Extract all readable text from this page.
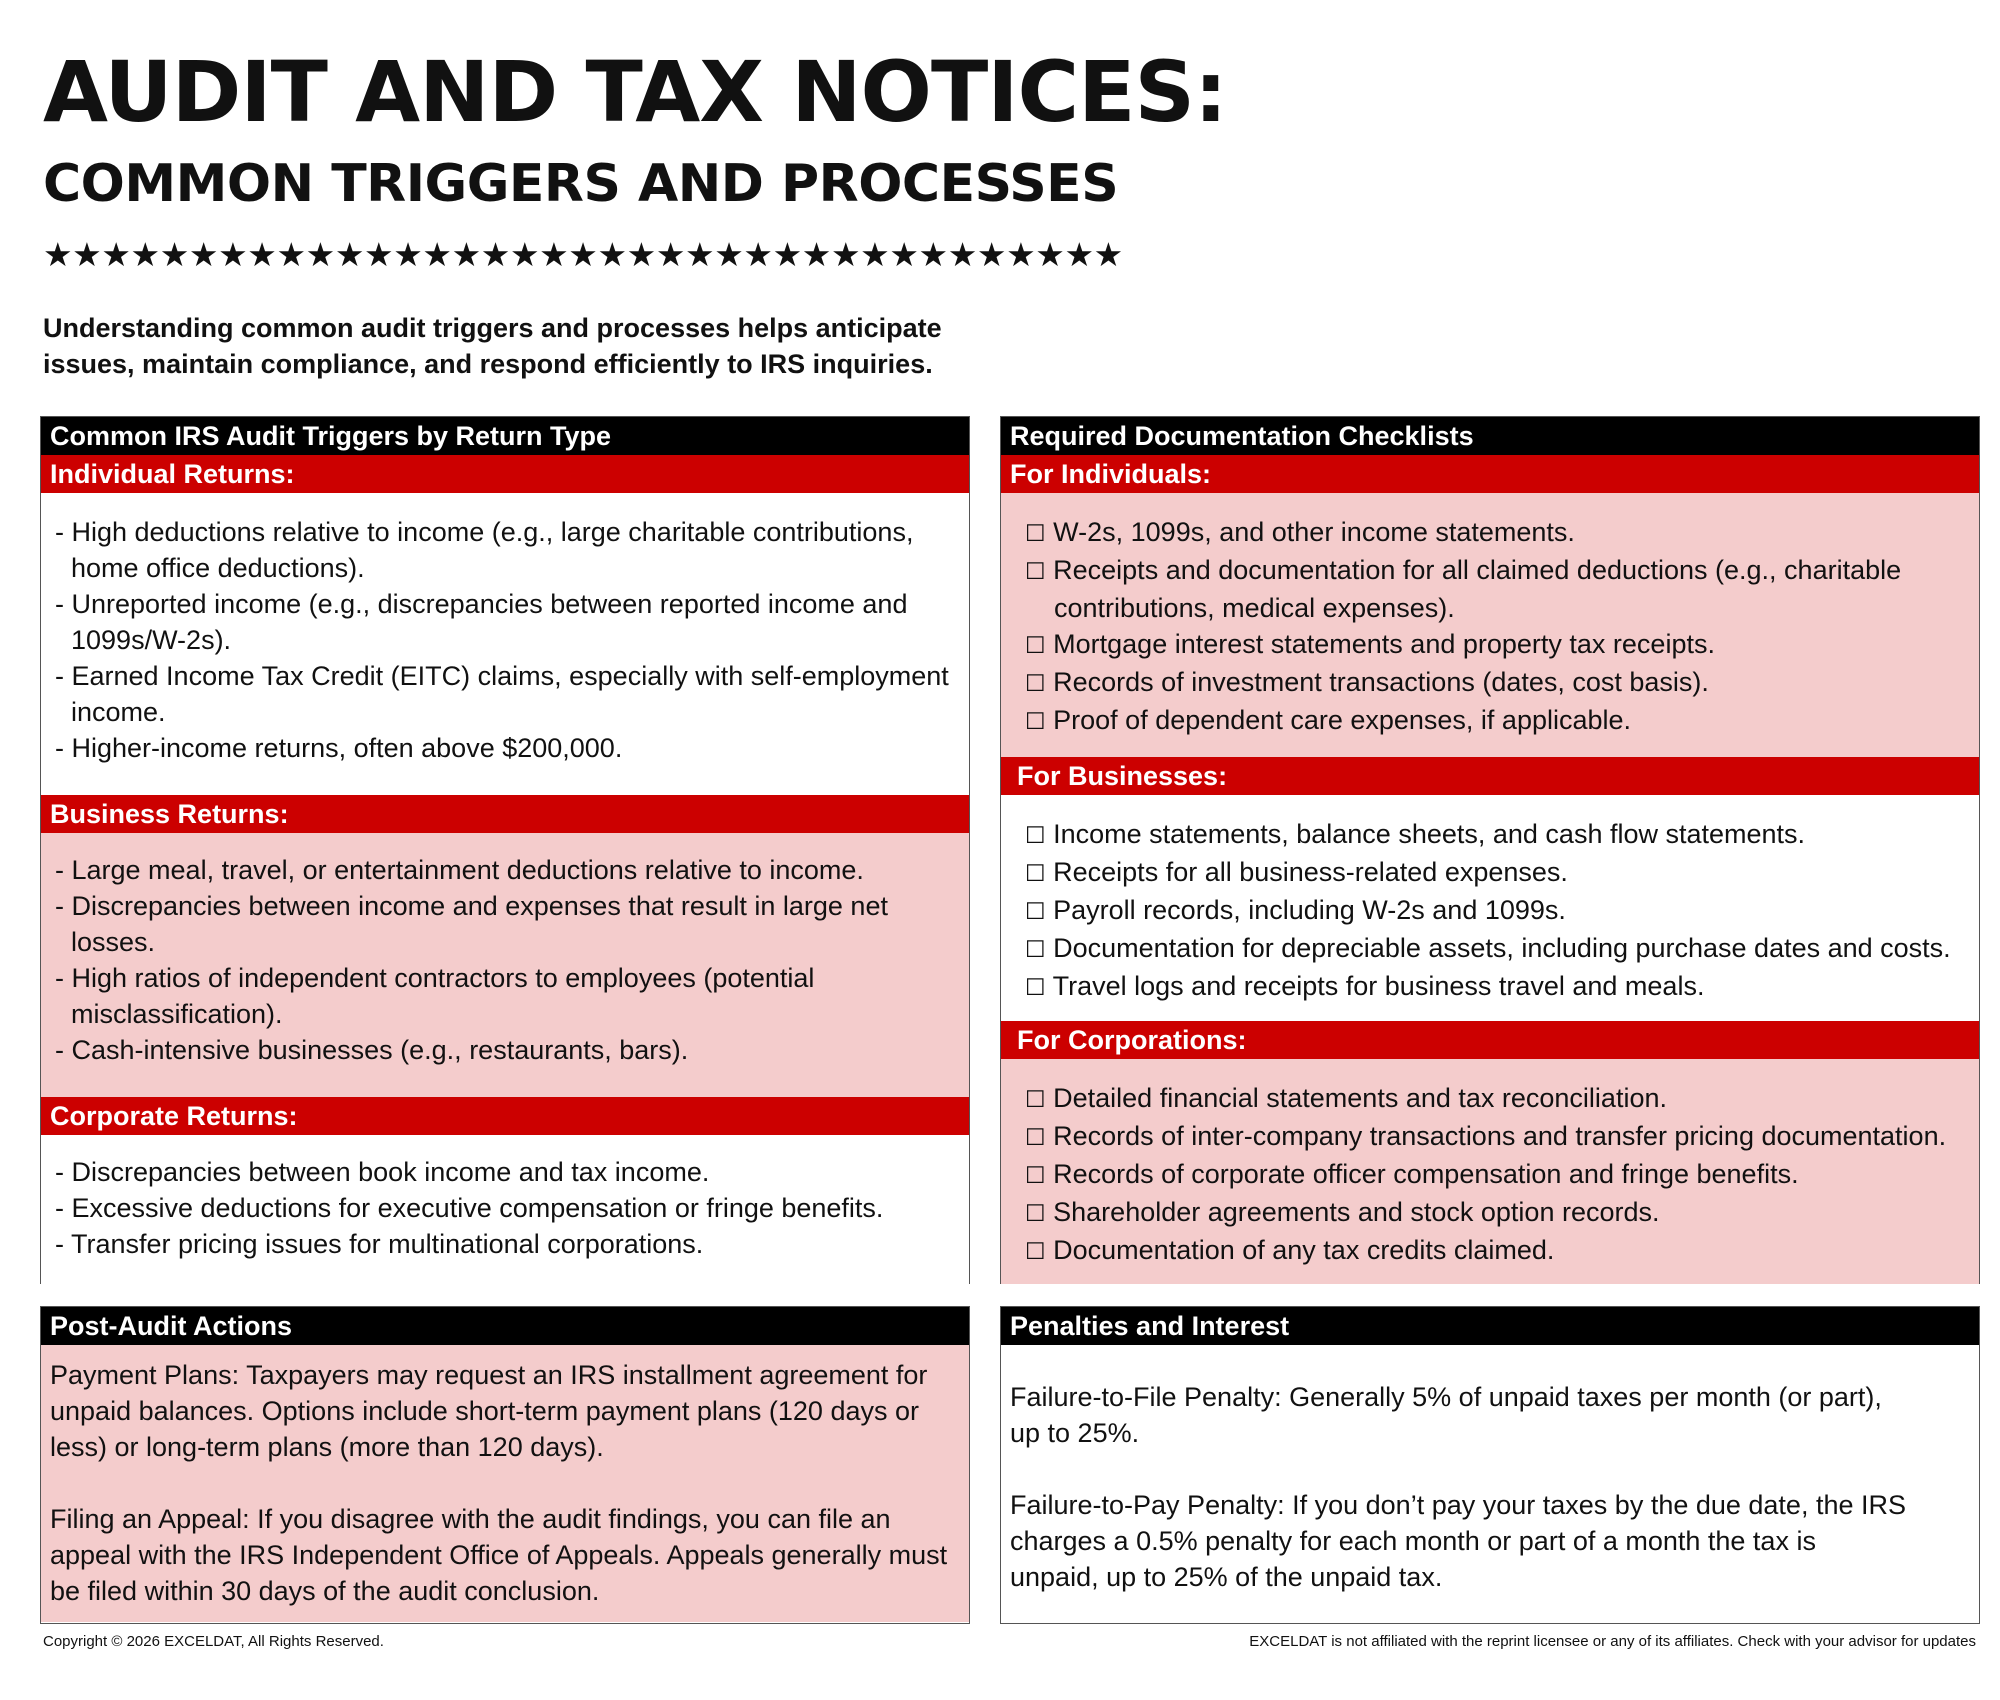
AUDIT AND TAX NOTICES:
COMMON TRIGGERS AND PROCESSES
★★★★★★★★★★★★★★★★★★★★★★★★★★★★★★★★★★★★★

Understanding common audit triggers and processes helps anticipate issues, maintain compliance, and respond efficiently to IRS inquiries.

Common IRS Audit Triggers by Return Type
Individual Returns:
- High deductions relative to income (e.g., large charitable contributions, home office deductions).
- Unreported income (e.g., discrepancies between reported income and 1099s/W-2s).
- Earned Income Tax Credit (EITC) claims, especially with self-employment income.
- Higher-income returns, often above $200,000.
Business Returns:
- Large meal, travel, or entertainment deductions relative to income.
- Discrepancies between income and expenses that result in large net losses.
- High ratios of independent contractors to employees (potential misclassification).
- Cash-intensive businesses (e.g., restaurants, bars).
Corporate Returns:
- Discrepancies between book income and tax income.
- Excessive deductions for executive compensation or fringe benefits.
- Transfer pricing issues for multinational corporations.
Required Documentation Checklists
For Individuals:
☐ W-2s, 1099s, and other income statements.
☐ Receipts and documentation for all claimed deductions (e.g., charitable contributions, medical expenses).
☐ Mortgage interest statements and property tax receipts.
☐ Records of investment transactions (dates, cost basis).
☐ Proof of dependent care expenses, if applicable.
For Businesses:
☐ Income statements, balance sheets, and cash flow statements.
☐ Receipts for all business-related expenses.
☐ Payroll records, including W-2s and 1099s.
☐ Documentation for depreciable assets, including purchase dates and costs.
☐ Travel logs and receipts for business travel and meals.
For Corporations:
☐ Detailed financial statements and tax reconciliation.
☐ Records of inter-company transactions and transfer pricing documentation.
☐ Records of corporate officer compensation and fringe benefits.
☐ Shareholder agreements and stock option records.
☐ Documentation of any tax credits claimed.
Post-Audit Actions

Payment Plans: Taxpayers may request an IRS installment agreement for unpaid balances. Options include short-term payment plans (120 days or less) or long-term plans (more than 120 days).

Filing an Appeal: If you disagree with the audit findings, you can file an appeal with the IRS Independent Office of Appeals. Appeals generally must be filed within 30 days of the audit conclusion.

Penalties and Interest

Failure-to-File Penalty: Generally 5% of unpaid taxes per month (or part), up to 25%.

Failure-to-Pay Penalty: If you don’t pay your taxes by the due date, the IRS charges a 0.5% penalty for each month or part of a month the tax is unpaid, up to 25% of the unpaid tax.

Copyright © 2026 EXCELDAT, All Rights Reserved.	EXCELDAT is not affiliated with the reprint licensee or any of its affiliates. Check with your advisor for updates
